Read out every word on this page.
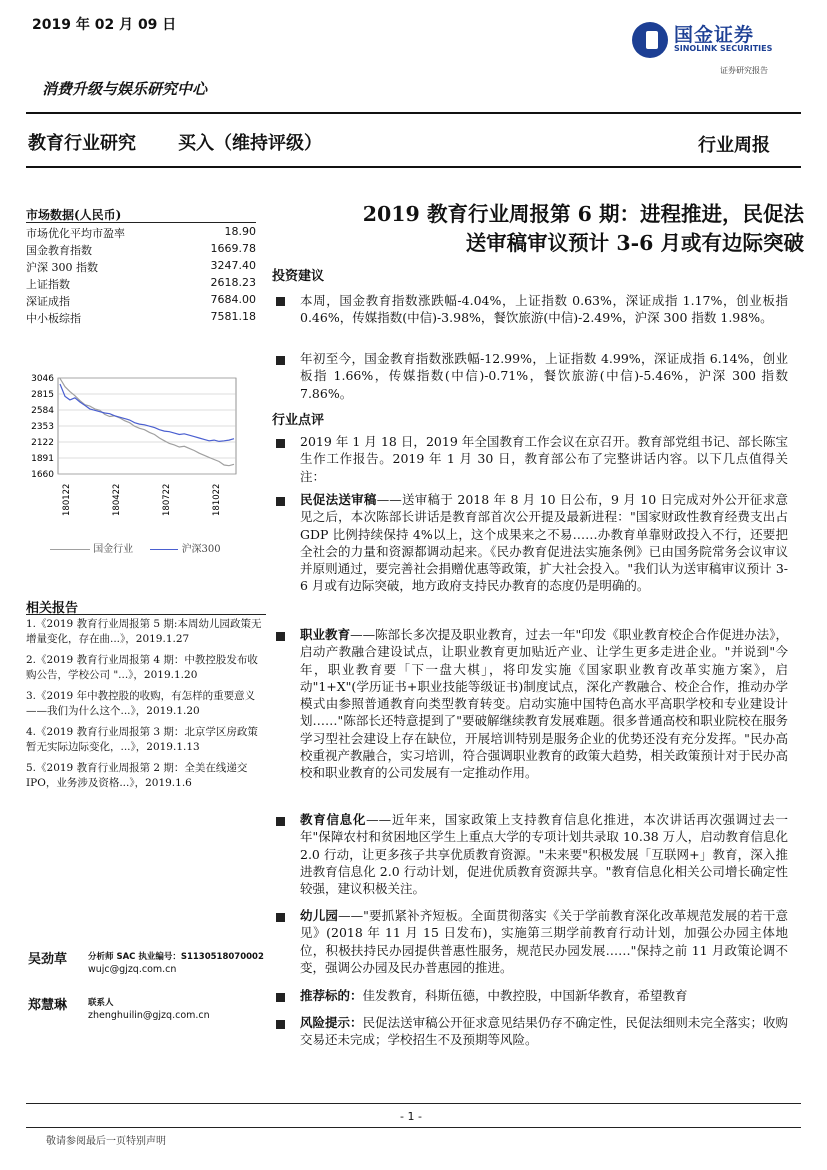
2019 年 02 月 09 日	国金证券
SINOLINK SECURITIES
证券研究报告
消费升级与娱乐研究中心
教育行业研究 买入（维持评级）	行业周报
市场数据(人民币)
市场优化平均市盈率	18.90
国金教育指数	1669.78
沪深 300 指数	3247.40
上证指数	2618.23
深证成指	7684.00
中小板综指	7581.18
3046
2815
2584
2353
2122
1891
1660
180122	180422	180722	181022
国金行业	沪深300
相关报告
1.《2019 教育行业周报第 5 期:本周幼儿园政策无增量变化，存在曲...》，2019.1.27
2.《2019 教育行业周报第 4 期：中教控股发布收购公告，学校公司 "...》，2019.1.20
3.《2019 年中教控股的收购，有怎样的重要意义——我们为什么这个...》，2019.1.20
4.《2019 教育行业周报第 3 期：北京学区房政策暂无实际边际变化，...》，2019.1.13
5.《2019 教育行业周报第 2 期：全美在线递交 IPO，业务涉及资格...》，2019.1.6
吴劲草 分析师 SAC 执业编号：S1130518070002
wujc@gjzq.com.cn
郑慧琳 联系人
zhenghuilin@gjzq.com.cn
2019 教育行业周报第 6 期：进程推进，民促法
送审稿审议预计 3-6 月或有边际突破
投资建议
本周，国金教育指数涨跌幅-4.04%，上证指数 0.63%，深证成指 1.17%，创业板指 0.46%，传媒指数(中信)-3.98%，餐饮旅游(中信)-2.49%，沪深 300 指数 1.98%。
年初至今，国金教育指数涨跌幅-12.99%，上证指数 4.99%，深证成指 6.14%，创业板指 1.66%，传媒指数(中信)-0.71%，餐饮旅游(中信)-5.46%，沪深 300 指数 7.86%。
行业点评
2019 年 1 月 18 日，2019 年全国教育工作会议在京召开。教育部党组书记、部长陈宝生作工作报告。2019 年 1 月 30 日，教育部公布了完整讲话内容。以下几点值得关注：
民促法送审稿——送审稿于 2018 年 8 月 10 日公布，9 月 10 日完成对外公开征求意见之后，本次陈部长讲话是教育部首次公开提及最新进程："国家财政性教育经费支出占 GDP 比例持续保持 4%以上，这个成果来之不易……办教育单靠财政投入不行，还要把全社会的力量和资源都调动起来。《民办教育促进法实施条例》已由国务院常务会议审议并原则通过，要完善社会捐赠优惠等政策，扩大社会投入。"我们认为送审稿审议预计 3-6 月或有边际突破，地方政府支持民办教育的态度仍是明确的。
职业教育——陈部长多次提及职业教育，过去一年"印发《职业教育校企合作促进办法》，启动产教融合建设试点，让职业教育更加贴近产业、让学生更多走进企业。"并说到"今年，职业教育要「下一盘大棋」，将印发实施《国家职业教育改革实施方案》，启动"1+X"(学历证书+职业技能等级证书)制度试点，深化产教融合、校企合作，推动办学模式由参照普通教育向类型教育转变。启动实施中国特色高水平高职学校和专业建设计划……"陈部长还特意提到了"要破解继续教育发展难题。很多普通高校和职业院校在服务学习型社会建设上存在缺位，开展培训特别是服务企业的优势还没有充分发挥。"民办高校重视产教融合，实习培训，符合强调职业教育的政策大趋势，相关政策预计对于民办高校和职业教育的公司发展有一定推动作用。
教育信息化——近年来，国家政策上支持教育信息化推进，本次讲话再次强调过去一年"保障农村和贫困地区学生上重点大学的专项计划共录取 10.38 万人，启动教育信息化 2.0 行动，让更多孩子共享优质教育资源。"未来要"积极发展「互联网+」教育，深入推进教育信息化 2.0 行动计划，促进优质教育资源共享。"教育信息化相关公司增长确定性较强，建议积极关注。
幼儿园——"要抓紧补齐短板。全面贯彻落实《关于学前教育深化改革规范发展的若干意见》(2018 年 11 月 15 日发布)，实施第三期学前教育行动计划，加强公办园主体地位，积极扶持民办园提供普惠性服务，规范民办园发展……"保持之前 11 月政策论调不变，强调公办园及民办普惠园的推进。
推荐标的：佳发教育，科斯伍德，中教控股，中国新华教育，希望教育
风险提示：民促法送审稿公开征求意见结果仍存不确定性，民促法细则未完全落实；收购交易还未完成；学校招生不及预期等风险。
- 1 -
敬请参阅最后一页特别声明
